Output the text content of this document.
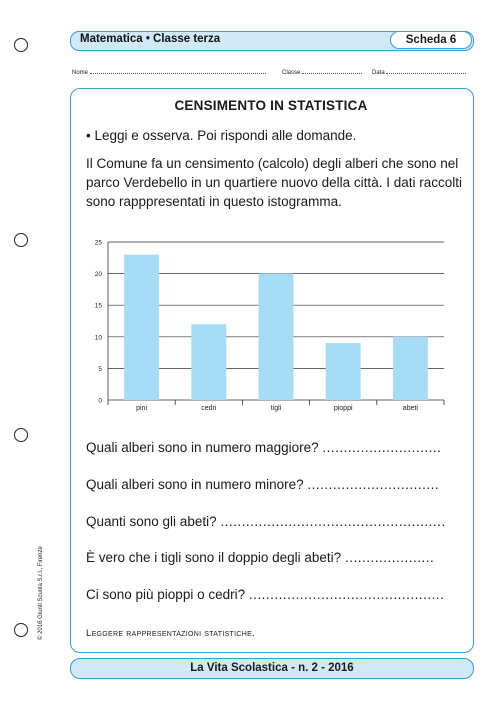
Matematica • Classe terza	Scheda 6
Nome	Classe	Data
CENSIMENTO IN STATISTICA
• Leggi e osserva. Poi rispondi alle domande.
Il Comune fa un censimento (calcolo) degli alberi che sono nel parco Verdebello in un quartiere nuovo della città. I dati raccolti sono rapppresentati in questo istogramma.
0
5
10
15
20
25
pini	cedri	tigli	pioppi	abeti
Quali alberi sono in numero maggiore? ............................
Quali alberi sono in numero minore? ...............................
Quanti sono gli abeti? .....................................................
È vero che i tigli sono il doppio degli abeti? .....................
Ci sono più pioppi o cedri? ..............................................
Leggere rappresentazioni statistiche.
© 2016 Giunti Scuola S.r.l., Firenze
La Vita Scolastica - n. 2 - 2016
